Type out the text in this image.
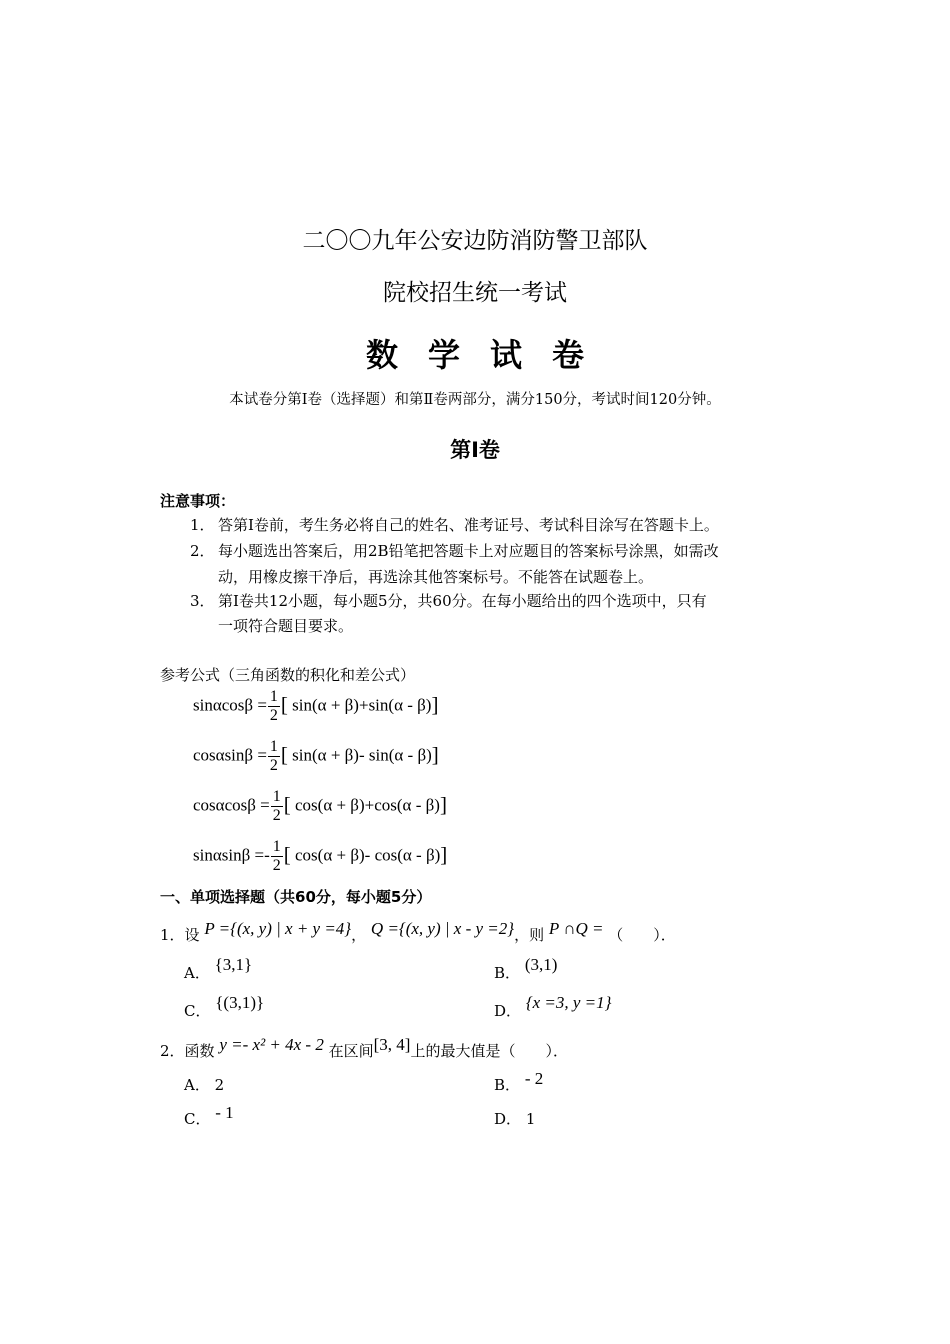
二〇〇九年公安边防消防警卫部队
院校招生统一考试
数学试卷
本试卷分第Ⅰ卷（选择题）和第Ⅱ卷两部分，满分150分，考试时间120分钟。
第Ⅰ卷
注意事项：
1． 答第Ⅰ卷前，考生务必将自己的姓名、准考证号、考试科目涂写在答题卡上。
2． 每小题选出答案后，用2B铅笔把答题卡上对应题目的答案标号涂黑，如需改
动，用橡皮擦干净后，再选涂其他答案标号。不能答在试题卷上。
3． 第Ⅰ卷共12小题，每小题5分，共60分。在每小题给出的四个选项中，只有
一项符合题目要求。
参考公式（三角函数的积化和差公式）
$\sin\alpha\cos\beta = \frac{1}{2}$ [ sin(α + β)+sin(α - β)]
$\cos\alpha\sin\beta = \frac{1}{2}$ [ sin(α + β)- sin(α - β)]
$\cos\alpha\cos\beta = \frac{1}{2}$ [ cos(α + β)+cos(α - β)]
$\sin\alpha\sin\beta =- \frac{1}{2}$ [ cos(α + β)- cos(α - β)]
一、单项选择题（共60分，每小题5分）
1．设 P ={(x, y) | x + y =4}， Q ={(x, y) | x - y =2}，则 P ∩Q = （　　）．
A． {3,1}	B． (3,1)
C． {(3,1)}	D． {x =3, y =1}
2．函数 y =- x² + 4x - 2 在区间[3, 4]上的最大值是（　　）．
A． 2	B． - 2
C． - 1	D． 1
